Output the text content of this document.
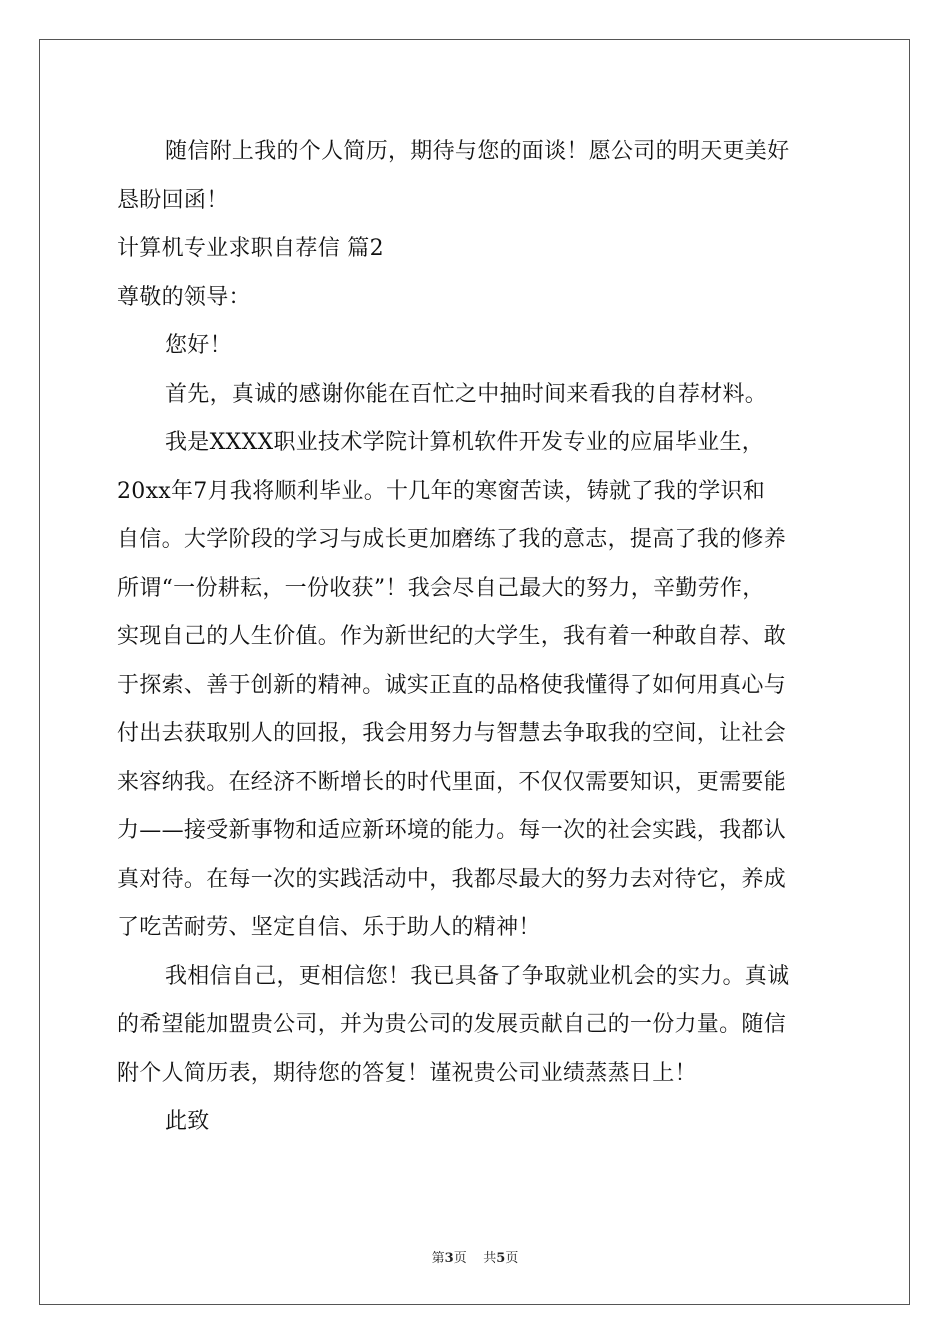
随信附上我的个人简历，期待与您的面谈！愿公司的明天更美好
恳盼回函！
计算机专业求职自荐信 篇2
尊敬的领导：
您好！
首先，真诚的感谢你能在百忙之中抽时间来看我的自荐材料。
我是XXXX职业技术学院计算机软件开发专业的应届毕业生，
20xx年7月我将顺利毕业。十几年的寒窗苦读，铸就了我的学识和
自信。大学阶段的学习与成长更加磨练了我的意志，提高了我的修养
所谓“一份耕耘，一份收获”！我会尽自己最大的努力，辛勤劳作，
实现自己的人生价值。作为新世纪的大学生，我有着一种敢自荐、敢
于探索、善于创新的精神。诚实正直的品格使我懂得了如何用真心与
付出去获取别人的回报，我会用努力与智慧去争取我的空间，让社会
来容纳我。在经济不断增长的时代里面，不仅仅需要知识，更需要能
力——接受新事物和适应新环境的能力。每一次的社会实践，我都认
真对待。在每一次的实践活动中，我都尽最大的努力去对待它，养成
了吃苦耐劳、坚定自信、乐于助人的精神！
我相信自己，更相信您！我已具备了争取就业机会的实力。真诚
的希望能加盟贵公司，并为贵公司的发展贡献自己的一份力量。随信
附个人简历表，期待您的答复！谨祝贵公司业绩蒸蒸日上！
此致
第3页 共5页
